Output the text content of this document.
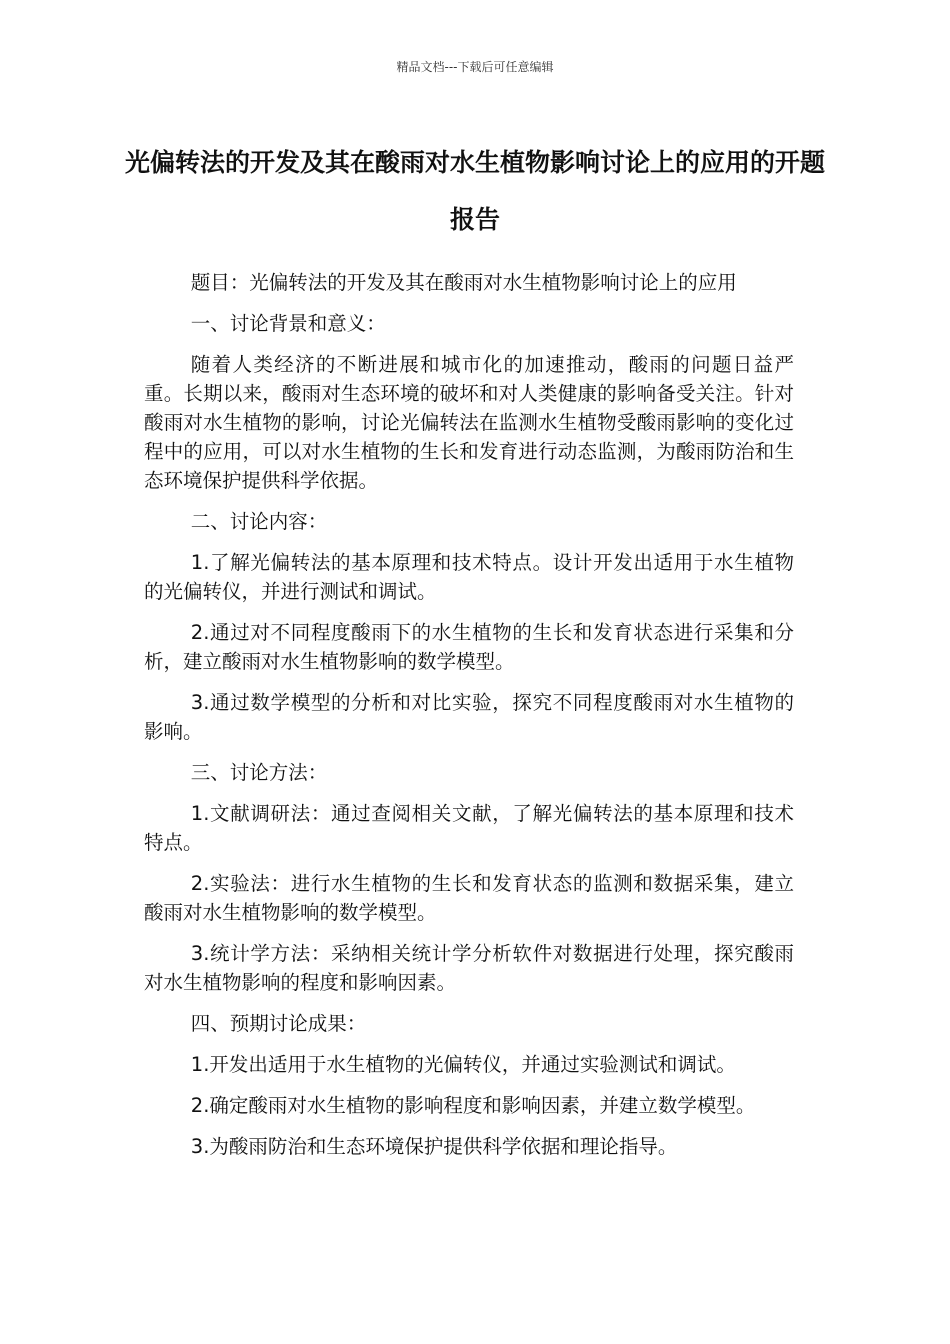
精品文档---下载后可任意编辑
光偏转法的开发及其在酸雨对水生植物影响讨论上的应用的开题报告

题目：光偏转法的开发及其在酸雨对水生植物影响讨论上的应用

一、讨论背景和意义：

随着人类经济的不断进展和城市化的加速推动，酸雨的问题日益严重。长期以来，酸雨对生态环境的破坏和对人类健康的影响备受关注。针对酸雨对水生植物的影响，讨论光偏转法在监测水生植物受酸雨影响的变化过程中的应用，可以对水生植物的生长和发育进行动态监测，为酸雨防治和生态环境保护提供科学依据。

二、讨论内容：

1.了解光偏转法的基本原理和技术特点。设计开发出适用于水生植物的光偏转仪，并进行测试和调试。

2.通过对不同程度酸雨下的水生植物的生长和发育状态进行采集和分析，建立酸雨对水生植物影响的数学模型。

3.通过数学模型的分析和对比实验，探究不同程度酸雨对水生植物的影响。

三、讨论方法：

1.文献调研法：通过查阅相关文献，了解光偏转法的基本原理和技术特点。

2.实验法：进行水生植物的生长和发育状态的监测和数据采集，建立酸雨对水生植物影响的数学模型。

3.统计学方法：采纳相关统计学分析软件对数据进行处理，探究酸雨对水生植物影响的程度和影响因素。

四、预期讨论成果：

1.开发出适用于水生植物的光偏转仪，并通过实验测试和调试。

2.确定酸雨对水生植物的影响程度和影响因素，并建立数学模型。

3.为酸雨防治和生态环境保护提供科学依据和理论指导。
